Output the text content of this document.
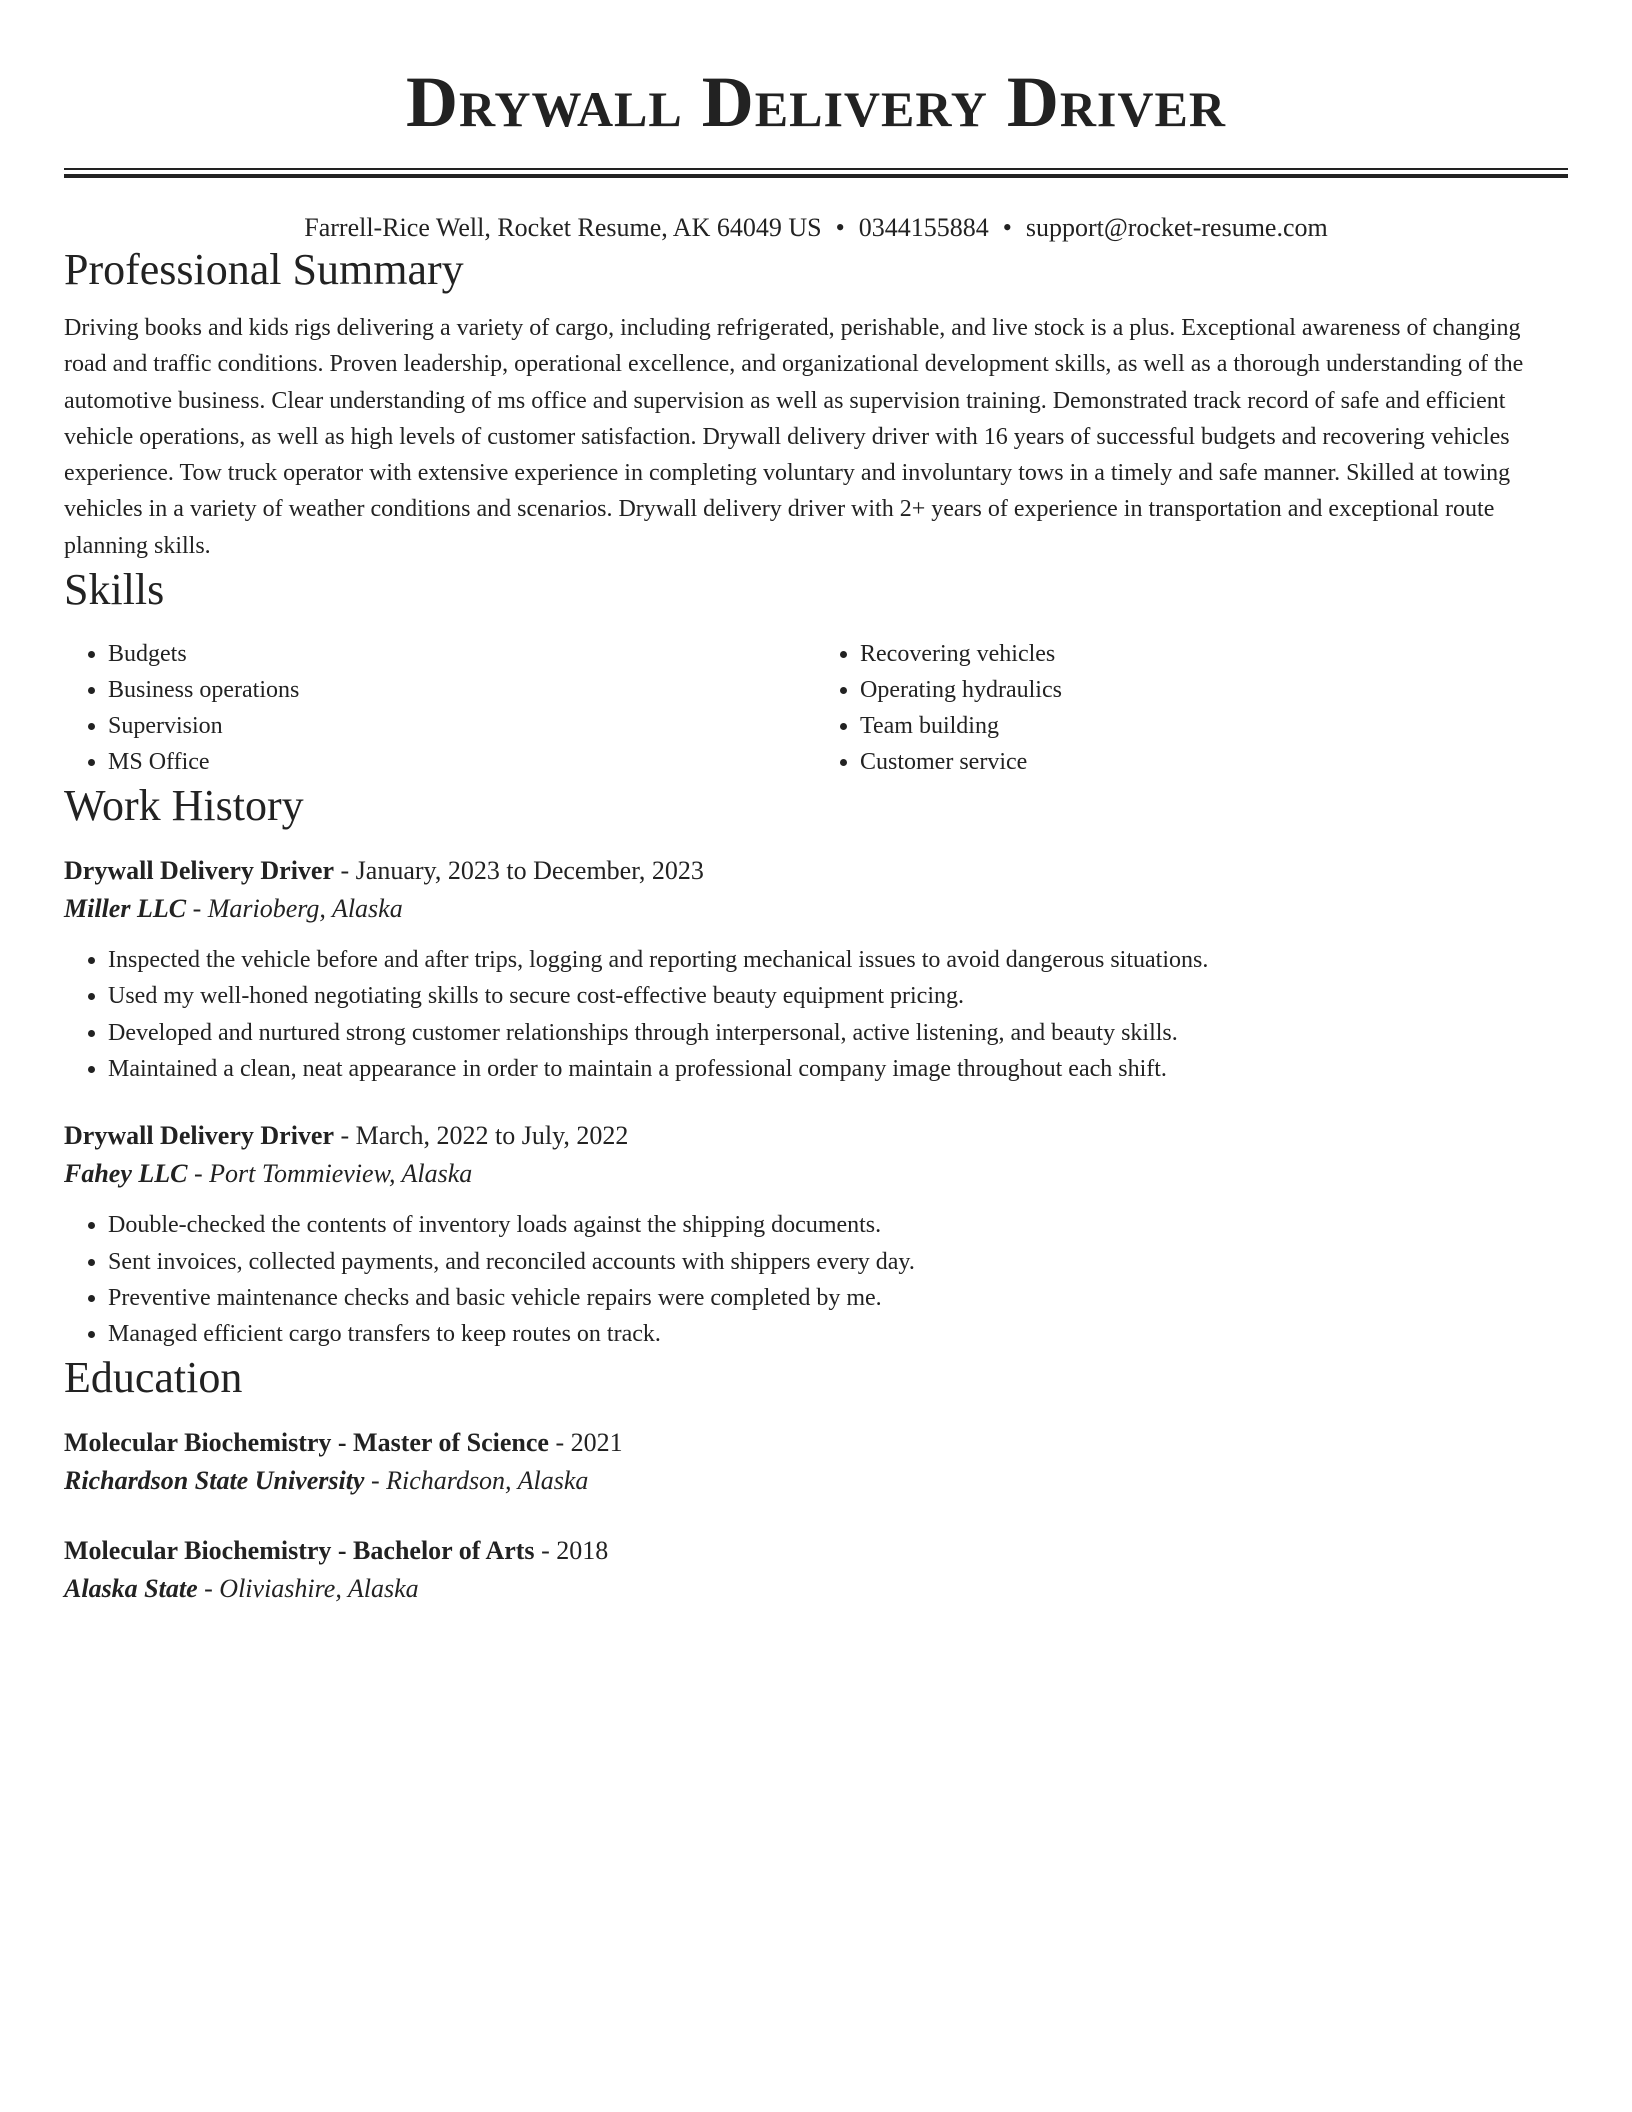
Drywall Delivery Driver
Farrell-Rice Well, Rocket Resume, AK 64049 US • 0344155884 • support@rocket-resume.com
Professional Summary

Driving books and kids rigs delivering a variety of cargo, including refrigerated, perishable, and live stock is a plus. Exceptional awareness of changing road and traffic conditions. Proven leadership, operational excellence, and organizational development skills, as well as a thorough understanding of the automotive business. Clear understanding of ms office and supervision as well as supervision training. Demonstrated track record of safe and efficient vehicle operations, as well as high levels of customer satisfaction. Drywall delivery driver with 16 years of successful budgets and recovering vehicles experience. Tow truck operator with extensive experience in completing voluntary and involuntary tows in a timely and safe manner. Skilled at towing vehicles in a variety of weather conditions and scenarios. Drywall delivery driver with 2+ years of experience in transportation and exceptional route planning skills.

Skills
• Budgets
• Business operations
• Supervision
• MS Office
• Recovering vehicles
• Operating hydraulics
• Team building
• Customer service
Work History
Drywall Delivery Driver - January, 2023 to December, 2023
Miller LLC - Marioberg, Alaska
• Inspected the vehicle before and after trips, logging and reporting mechanical issues to avoid dangerous situations.
• Used my well-honed negotiating skills to secure cost-effective beauty equipment pricing.
• Developed and nurtured strong customer relationships through interpersonal, active listening, and beauty skills.
• Maintained a clean, neat appearance in order to maintain a professional company image throughout each shift.
Drywall Delivery Driver - March, 2022 to July, 2022
Fahey LLC - Port Tommieview, Alaska
• Double-checked the contents of inventory loads against the shipping documents.
• Sent invoices, collected payments, and reconciled accounts with shippers every day.
• Preventive maintenance checks and basic vehicle repairs were completed by me.
• Managed efficient cargo transfers to keep routes on track.
Education
Molecular Biochemistry - Master of Science - 2021
Richardson State University - Richardson, Alaska
Molecular Biochemistry - Bachelor of Arts - 2018
Alaska State - Oliviashire, Alaska
